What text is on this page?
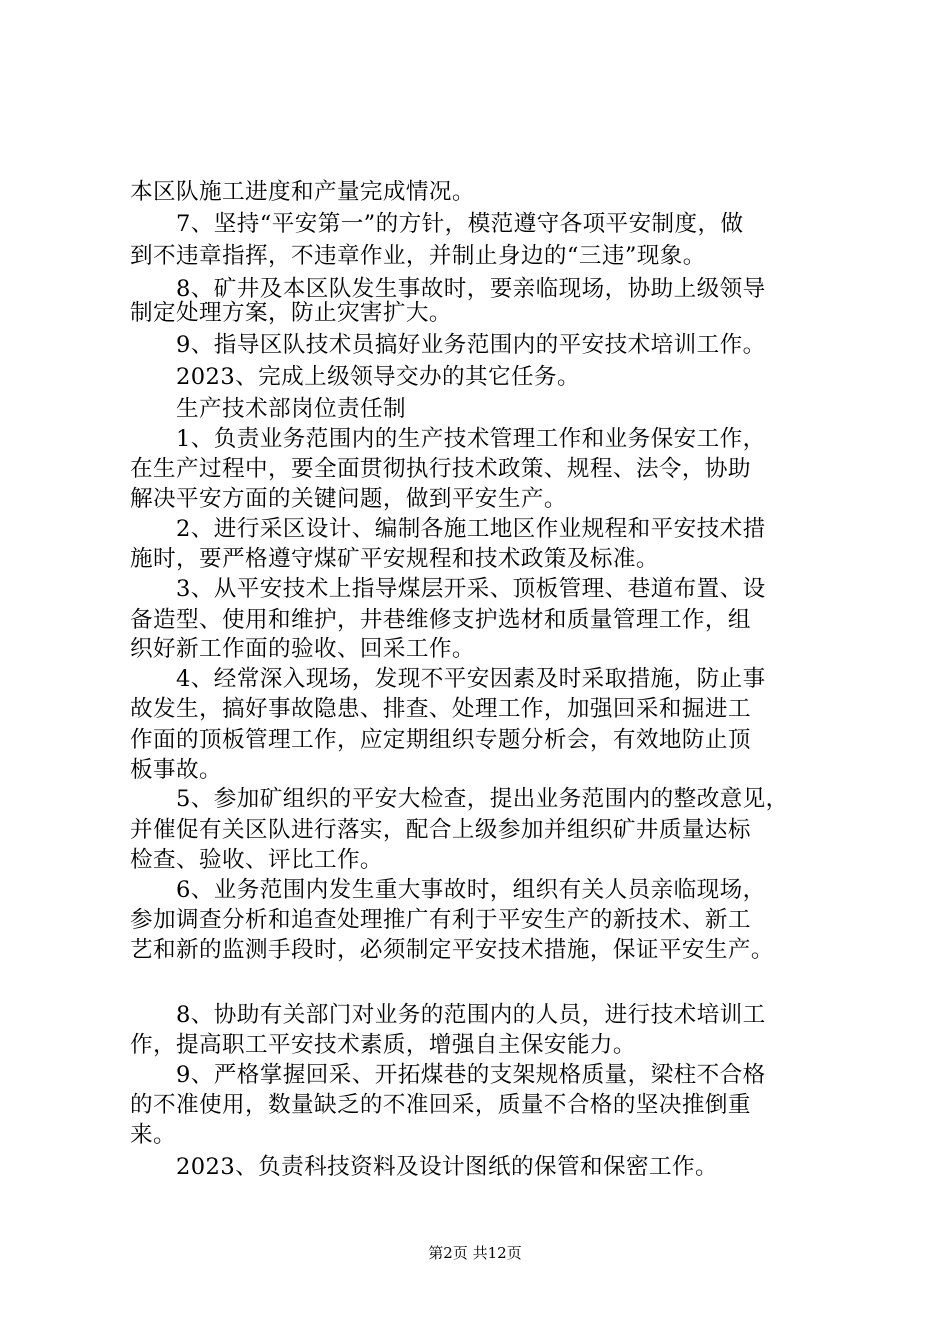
本区队施工进度和产量完成情况。
7、坚持“平安第一”的方针，模范遵守各项平安制度，做
到不违章指挥，不违章作业，并制止身边的“三违”现象。
8、矿井及本区队发生事故时，要亲临现场，协助上级领导
制定处理方案，防止灾害扩大。
9、指导区队技术员搞好业务范围内的平安技术培训工作。
2023、完成上级领导交办的其它任务。
生产技术部岗位责任制
1、负责业务范围内的生产技术管理工作和业务保安工作，
在生产过程中，要全面贯彻执行技术政策、规程、法令，协助
解决平安方面的关键问题，做到平安生产。
2、进行采区设计、编制各施工地区作业规程和平安技术措
施时，要严格遵守煤矿平安规程和技术政策及标准。
3、从平安技术上指导煤层开采、顶板管理、巷道布置、设
备造型、使用和维护，井巷维修支护选材和质量管理工作，组
织好新工作面的验收、回采工作。
4、经常深入现场，发现不平安因素及时采取措施，防止事
故发生，搞好事故隐患、排查、处理工作，加强回采和掘进工
作面的顶板管理工作，应定期组织专题分析会，有效地防止顶
板事故。
5、参加矿组织的平安大检查，提出业务范围内的整改意见，
并催促有关区队进行落实，配合上级参加并组织矿井质量达标
检查、验收、评比工作。
6、业务范围内发生重大事故时，组织有关人员亲临现场，
参加调查分析和追查处理推广有利于平安生产的新技术、新工
艺和新的监测手段时，必须制定平安技术措施，保证平安生产。
8、协助有关部门对业务的范围内的人员，进行技术培训工
作，提高职工平安技术素质，增强自主保安能力。
9、严格掌握回采、开拓煤巷的支架规格质量，梁柱不合格
的不准使用，数量缺乏的不准回采，质量不合格的坚决推倒重
来。
2023、负责科技资料及设计图纸的保管和保密工作。
第2页 共12页
